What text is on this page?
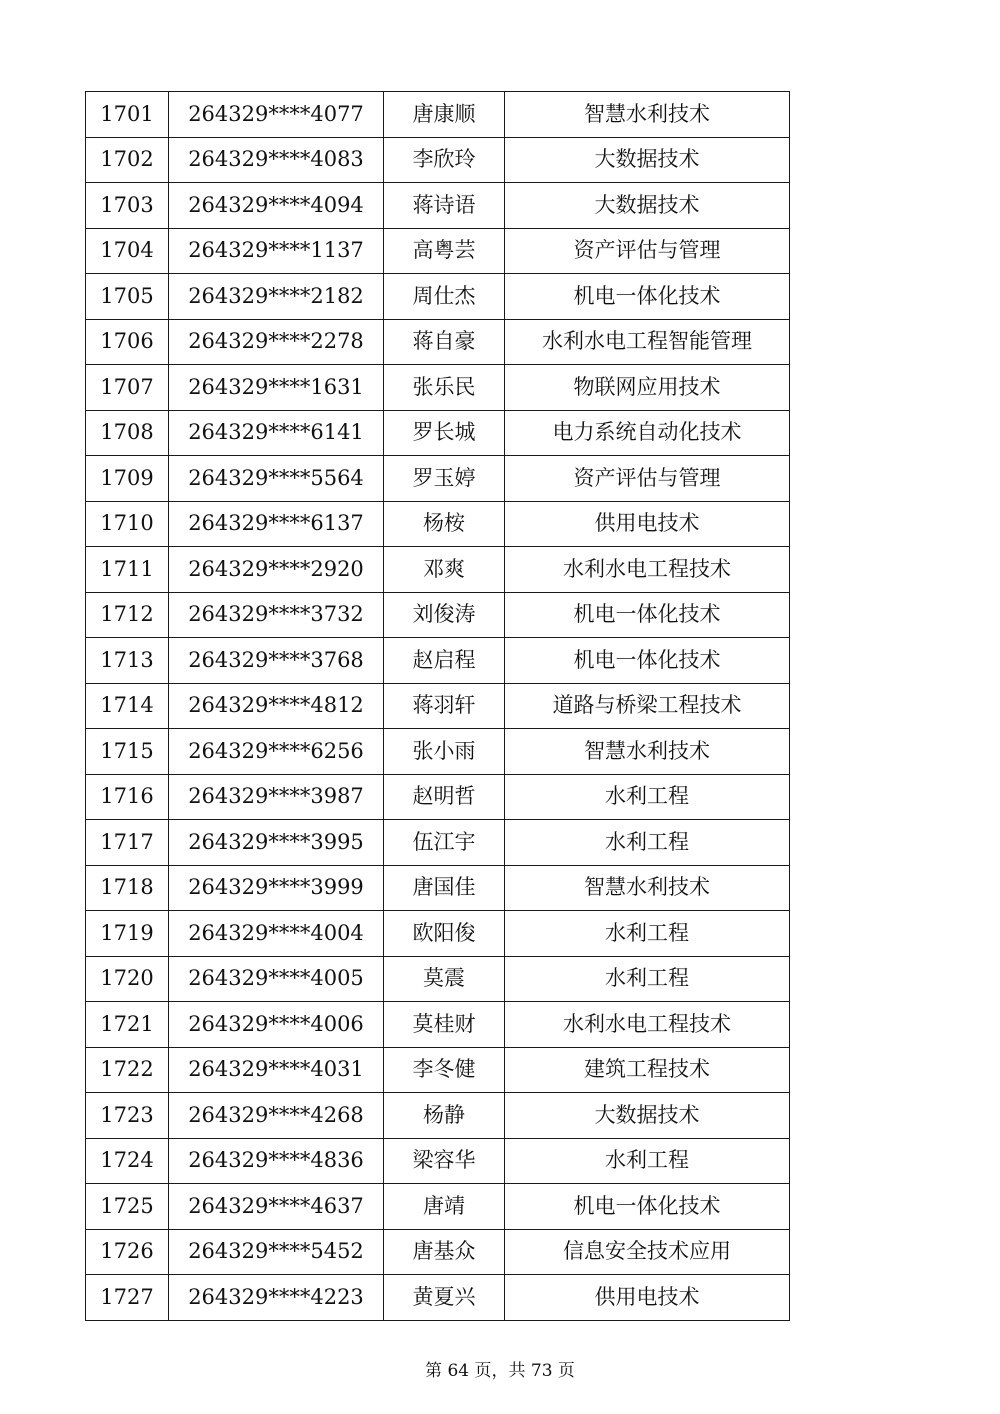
1701	264329****4077	唐康顺	智慧水利技术
1702	264329****4083	李欣玲	大数据技术
1703	264329****4094	蒋诗语	大数据技术
1704	264329****1137	高粤芸	资产评估与管理
1705	264329****2182	周仕杰	机电一体化技术
1706	264329****2278	蒋自豪	水利水电工程智能管理
1707	264329****1631	张乐民	物联网应用技术
1708	264329****6141	罗长城	电力系统自动化技术
1709	264329****5564	罗玉婷	资产评估与管理
1710	264329****6137	杨桉	供用电技术
1711	264329****2920	邓爽	水利水电工程技术
1712	264329****3732	刘俊涛	机电一体化技术
1713	264329****3768	赵启程	机电一体化技术
1714	264329****4812	蒋羽轩	道路与桥梁工程技术
1715	264329****6256	张小雨	智慧水利技术
1716	264329****3987	赵明哲	水利工程
1717	264329****3995	伍江宇	水利工程
1718	264329****3999	唐国佳	智慧水利技术
1719	264329****4004	欧阳俊	水利工程
1720	264329****4005	莫震	水利工程
1721	264329****4006	莫桂财	水利水电工程技术
1722	264329****4031	李冬健	建筑工程技术
1723	264329****4268	杨静	大数据技术
1724	264329****4836	梁容华	水利工程
1725	264329****4637	唐靖	机电一体化技术
1726	264329****5452	唐基众	信息安全技术应用
1727	264329****4223	黄夏兴	供用电技术
第 64 页，共 73 页
